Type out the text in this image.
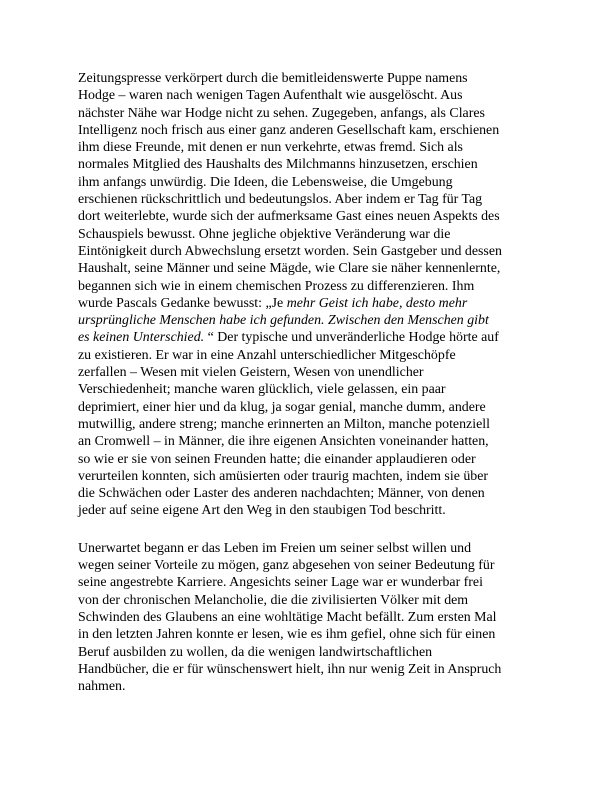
Zeitungspresse verkörpert durch die bemitleidenswerte Puppe namens
Hodge – waren nach wenigen Tagen Aufenthalt wie ausgelöscht. Aus
nächster Nähe war Hodge nicht zu sehen. Zugegeben, anfangs, als Clares
Intelligenz noch frisch aus einer ganz anderen Gesellschaft kam, erschienen
ihm diese Freunde, mit denen er nun verkehrte, etwas fremd. Sich als
normales Mitglied des Haushalts des Milchmanns hinzusetzen, erschien
ihm anfangs unwürdig. Die Ideen, die Lebensweise, die Umgebung
erschienen rückschrittlich und bedeutungslos. Aber indem er Tag für Tag
dort weiterlebte, wurde sich der aufmerksame Gast eines neuen Aspekts des
Schauspiels bewusst. Ohne jegliche objektive Veränderung war die
Eintönigkeit durch Abwechslung ersetzt worden. Sein Gastgeber und dessen
Haushalt, seine Männer und seine Mägde, wie Clare sie näher kennenlernte,
begannen sich wie in einem chemischen Prozess zu differenzieren. Ihm
wurde Pascals Gedanke bewusst: „Je mehr Geist ich habe, desto mehr
ursprüngliche Menschen habe ich gefunden. Zwischen den Menschen gibt
es keinen Unterschied. “ Der typische und unveränderliche Hodge hörte auf
zu existieren. Er war in eine Anzahl unterschiedlicher Mitgeschöpfe
zerfallen – Wesen mit vielen Geistern, Wesen von unendlicher
Verschiedenheit; manche waren glücklich, viele gelassen, ein paar
deprimiert, einer hier und da klug, ja sogar genial, manche dumm, andere
mutwillig, andere streng; manche erinnerten an Milton, manche potenziell
an Cromwell – in Männer, die ihre eigenen Ansichten voneinander hatten,
so wie er sie von seinen Freunden hatte; die einander applaudieren oder
verurteilen konnten, sich amüsierten oder traurig machten, indem sie über
die Schwächen oder Laster des anderen nachdachten; Männer, von denen
jeder auf seine eigene Art den Weg in den staubigen Tod beschritt.

Unerwartet begann er das Leben im Freien um seiner selbst willen und
wegen seiner Vorteile zu mögen, ganz abgesehen von seiner Bedeutung für
seine angestrebte Karriere. Angesichts seiner Lage war er wunderbar frei
von der chronischen Melancholie, die die zivilisierten Völker mit dem
Schwinden des Glaubens an eine wohltätige Macht befällt. Zum ersten Mal
in den letzten Jahren konnte er lesen, wie es ihm gefiel, ohne sich für einen
Beruf ausbilden zu wollen, da die wenigen landwirtschaftlichen
Handbücher, die er für wünschenswert hielt, ihn nur wenig Zeit in Anspruch
nahmen.
